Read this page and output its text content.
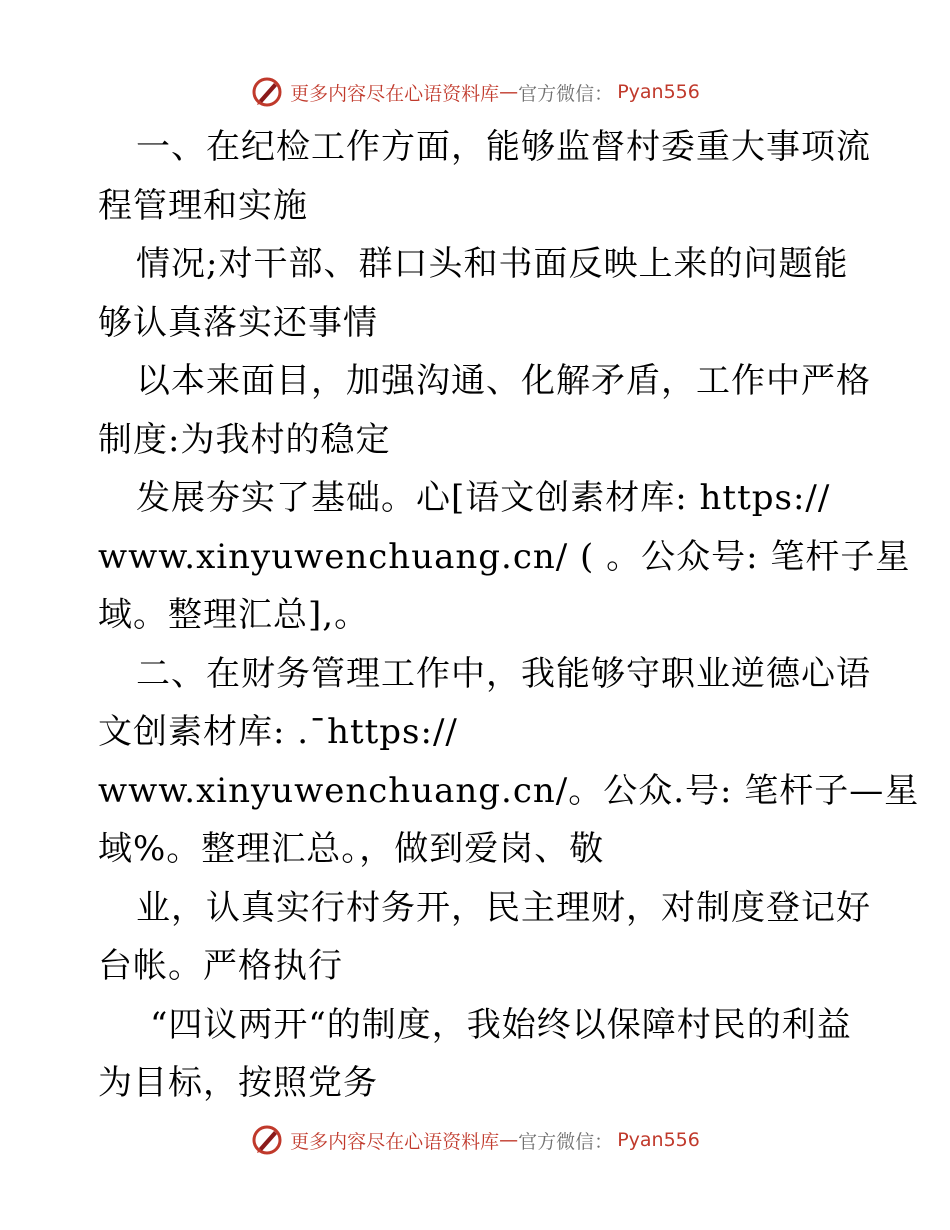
更多内容尽在心语资料库 — 官方微信： Pyan556
一、在纪检工作方面，能够监督村委重大事项流
程管理和实施
情况;对干部、群口头和书面反映上来的问题能
够认真落实还事情
以本来面目，加强沟通、化解矛盾，工作中严格
制度:为我村的稳定
发展夯实了基础。心[语文创素材库: https://
www.xinyuwenchuang.cn/ ( 。公众号: 笔杆子星
域。整理汇总],。
二、在财务管理工作中，我能够守职业逆德心语
文创素材库: .¯https://
www.xinyuwenchuang.cn/。公众.号: 笔杆子—星
域%。整理汇总。，做到爱岗、敬
业，认真实行村务开，民主理财，对制度登记好
台帐。严格执行
“四议两开“的制度，我始终以保障村民的利益
为目标，按照党务
更多内容尽在心语资料库 — 官方微信： Pyan556
